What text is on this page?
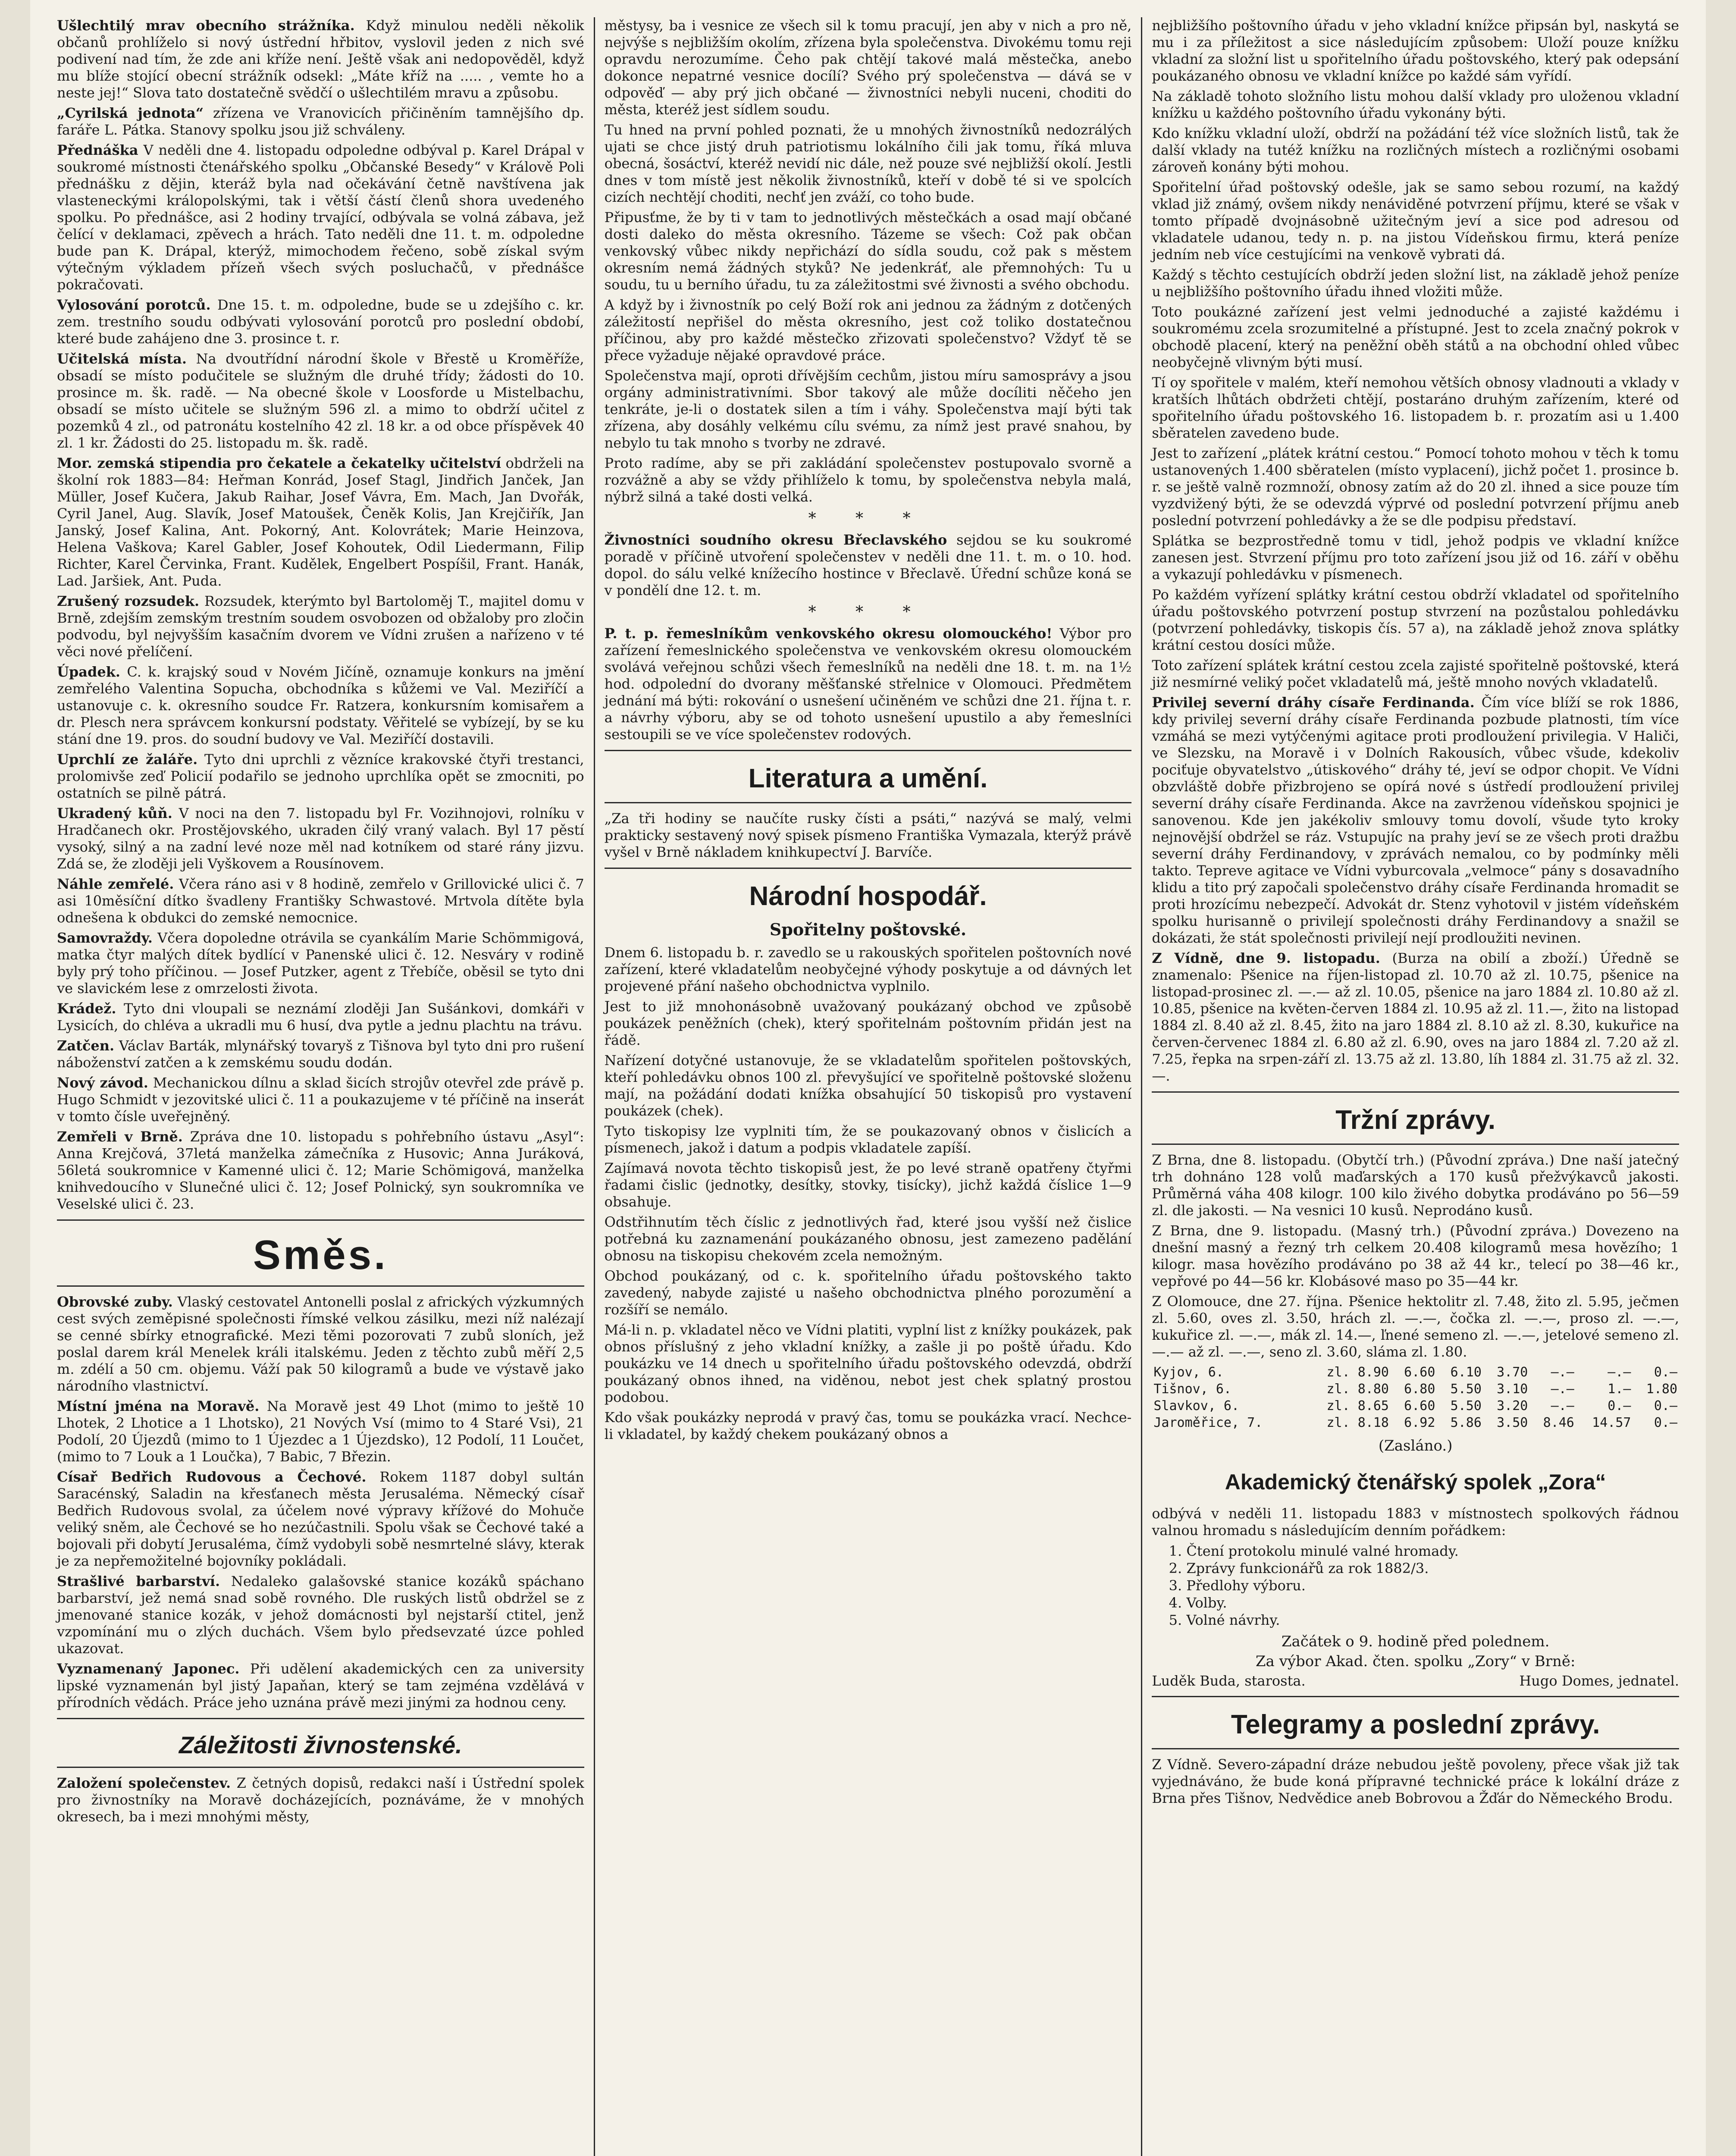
Ušlechtilý mrav obecního strážníka. Když minulou neděli několik občanů prohlíželo si nový ústřední hřbitov, vyslovil jeden z nich své podivení nad tím, že zde ani kříže není. Ještě však ani nedopověděl, když mu blíže stojící obecní strážník odsekl: „Máte kříž na ..... , vemte ho a neste jej!“ Slova tato dostatečně svědčí o ušlechtilém mravu a způsobu.

„Cyrilská jednota“ zřízena ve Vranovicích přičiněním tamnějšího dp. faráře L. Pátka. Stanovy spolku jsou již schváleny.

Přednáška V neděli dne 4. listopadu odpoledne odbýval p. Karel Drápal v soukromé místnosti čtenářského spolku „Občanské Besedy“ v Králově Poli přednášku z dějin, kteráž byla nad očekávání četně navštívena jak vlasteneckými králopolskými, tak i větší částí členů shora uvedeného spolku. Po přednášce, asi 2 hodiny trvající, odbývala se volná zábava, jež čelící v deklamaci, zpěvech a hrách. Tato neděli dne 11. t. m. odpoledne bude pan K. Drápal, kterýž, mimochodem řečeno, sobě získal svým výtečným výkladem přízeň všech svých posluchačů, v přednášce pokračovati.

Vylosování porotců. Dne 15. t. m. odpoledne, bude se u zdejšího c. kr. zem. trestního soudu odbývati vylosování porotců pro poslední období, které bude zahájeno dne 3. prosince t. r.

Učitelská místa. Na dvoutřídní národní škole v Břestě u Kroměříže, obsadí se místo podučitele se služným dle druhé třídy; žádosti do 10. prosince m. šk. radě. — Na obecné škole v Loosforde u Mistelbachu, obsadí se místo učitele se služným 596 zl. a mimo to obdrží učitel z pozemků 4 zl., od patronátu kostelního 42 zl. 18 kr. a od obce příspěvek 40 zl. 1 kr. Žádosti do 25. listopadu m. šk. radě.

Mor. zemská stipendia pro čekatele a čekatelky učitelství obdrželi na školní rok 1883—84: Heřman Konrád, Josef Stagl, Jindřich Janček, Jan Müller, Josef Kučera, Jakub Raihar, Josef Vávra, Em. Mach, Jan Dvořák, Cyril Janel, Aug. Slavík, Josef Matoušek, Čeněk Kolis, Jan Krejčiřík, Jan Janský, Josef Kalina, Ant. Pokorný, Ant. Kolovrátek; Marie Heinzova, Helena Vaškova; Karel Gabler, Josef Kohoutek, Odil Liedermann, Filip Richter, Karel Červinka, Frant. Kudělek, Engelbert Pospíšil, Frant. Hanák, Lad. Jaršiek, Ant. Puda.

Zrušený rozsudek. Rozsudek, kterýmto byl Bartoloměj T., majitel domu v Brně, zdejším zemským trestním soudem osvobozen od obžaloby pro zločin podvodu, byl nejvyšším kasačním dvorem ve Vídni zrušen a nařízeno v té věci nové přelíčení.

Úpadek. C. k. krajský soud v Novém Jičíně, oznamuje konkurs na jmění zemřelého Valentina Sopucha, obchodníka s kůžemi ve Val. Meziříčí a ustanovuje c. k. okresního soudce Fr. Ratzera, konkursním komisařem a dr. Plesch nera správcem konkursní podstaty. Věřitelé se vybízejí, by se ku stání dne 19. pros. do soudní budovy ve Val. Meziříčí dostavili.

Uprchlí ze žaláře. Tyto dni uprchli z vězníce krakovské čtyři trestanci, prolomivše zeď Policií podařilo se jednoho uprchlíka opět se zmocniti, po ostatních se pilně pátrá.

Ukradený kůň. V noci na den 7. listopadu byl Fr. Vozihnojovi, rolníku v Hradčanech okr. Prostějovského, ukraden čilý vraný valach. Byl 17 pěstí vysoký, silný a na zadní levé noze měl nad kotníkem od staré rány jizvu. Zdá se, že zloději jeli Vyškovem a Rousínovem.

Náhle zemřelé. Včera ráno asi v 8 hodině, zemřelo v Grillovické ulici č. 7 asi 10měsíční dítko švadleny Františky Schwastové. Mrtvola dítěte byla odnešena k obdukci do zemské nemocnice.

Samovraždy. Včera dopoledne otrávila se cyankálím Marie Schömmigová, matka čtyr malých dítek bydlící v Panenské ulici č. 12. Nesváry v rodině byly prý toho příčinou. — Josef Putzker, agent z Třebíče, oběsil se tyto dni ve slavickém lese z omrzelosti života.

Krádež. Tyto dni vloupali se neznámí zloději Jan Sušánkovi, domkáři v Lysicích, do chléva a ukradli mu 6 husí, dva pytle a jednu plachtu na trávu.

Zatčen. Václav Barták, mlynářský tovaryš z Tišnova byl tyto dni pro rušení náboženství zatčen a k zemskému soudu dodán.

Nový závod. Mechanickou dílnu a sklad šicích strojův otevřel zde právě p. Hugo Schmidt v jezovitské ulici č. 11 a poukazujeme v té příčině na inserát v tomto čísle uveřejněný.

Zemřeli v Brně. Zpráva dne 10. listopadu s pohřebního ústavu „Asyl“: Anna Krejčová, 37letá manželka zámečníka z Husovic; Anna Juráková, 56letá soukromnice v Kamenné ulici č. 12; Marie Schömigová, manželka knihvedoucího v Slunečné ulici č. 12; Josef Polnický, syn soukromníka ve Veselské ulici č. 23.

Směs.

Obrovské zuby. Vlaský cestovatel Antonelli poslal z afrických výzkumných cest svých zeměpisné společnosti římské velkou zásilku, mezi níž nalézají se cenné sbírky etnografické. Mezi těmi pozorovati 7 zubů sloních, jež poslal darem král Menelek králi italskému. Jeden z těchto zubů měří 2,5 m. zdélí a 50 cm. objemu. Váží pak 50 kilogramů a bude ve výstavě jako národního vlastnictví.

Místní jména na Moravě. Na Moravě jest 49 Lhot (mimo to ještě 10 Lhotek, 2 Lhotice a 1 Lhotsko), 21 Nových Vsí (mimo to 4 Staré Vsi), 21 Podolí, 20 Újezdů (mimo to 1 Újezdec a 1 Újezdsko), 12 Podolí, 11 Loučet, (mimo to 7 Louk a 1 Loučka), 7 Babic, 7 Březin.

Císař Bedřich Rudovous a Čechové. Rokem 1187 dobyl sultán Saracénský, Saladin na křesťanech města Jerusaléma. Německý císař Bedřich Rudovous svolal, za účelem nové výpravy křížové do Mohuče veliký sněm, ale Čechové se ho nezúčastnili. Spolu však se Čechové také a bojovali při dobytí Jerusaléma, čímž vydobyli sobě nesmrtelné slávy, kterak je za nepřemožitelné bojovníky pokládali.

Strašlivé barbarství. Nedaleko galašovské stanice kozáků spáchano barbarství, jež nemá snad sobě rovného. Dle ruských listů obdržel se z jmenované stanice kozák, v jehož domácnosti byl nejstarší ctitel, jenž vzpomínání mu o zlých duchách. Všem bylo předsevzaté úzce pohled ukazovat.

Vyznamenaný Japonec. Při udělení akademických cen za university lipské vyznamenán byl jistý Japaňan, který se tam zejména vzdělává v přírodních vědách. Práce jeho uznána právě mezi jinými za hodnou ceny.

Záležitosti živnostenské.

Založení společenstev. Z četných dopisů, redakci naší i Ústřední spolek pro živnostníky na Moravě docházejících, poznáváme, že v mnohých okresech, ba i mezi mnohými městy,

městysy, ba i vesnice ze všech sil k tomu pracují, jen aby v nich a pro ně, nejvýše s nejbližším okolím, zřízena byla společenstva. Divokému tomu reji opravdu nerozumíme. Čeho pak chtějí takové malá městečka, anebo dokonce nepatrné vesnice docílí? Svého prý společenstva — dává se v odpověď — aby prý jich občané — živnostníci nebyli nuceni, choditi do města, kteréž jest sídlem soudu.

Tu hned na první pohled poznati, že u mnohých živnostníků nedozrálých ujati se chce jistý druh patriotismu lokálního čili jak tomu, říká mluva obecná, šosáctví, kteréž nevidí nic dále, než pouze své nejbližší okolí. Jestli dnes v tom místě jest několik živnostníků, kteří v době té si ve spolcích cizích nechtějí choditi, nechť jen zváží, co toho bude.

Připusťme, že by ti v tam to jednotlivých městečkách a osad mají občané dosti daleko do města okresního. Tázeme se všech: Což pak občan venkovský vůbec nikdy nepřichází do sídla soudu, což pak s městem okresním nemá žádných styků? Ne jedenkráť, ale přemnohých: Tu u soudu, tu u berního úřadu, tu za záležitostmi své živnosti a svého obchodu.

A když by i živnostník po celý Boží rok ani jednou za žádným z dotčených záležitostí nepřišel do města okresního, jest což toliko dostatečnou příčinou, aby pro každé městečko zřizovati společenstvo? Vždyť tě se přece vyžaduje nějaké opravdové práce.

Společenstva mají, oproti dřívějším cechům, jistou míru samosprávy a jsou orgány administrativními. Sbor takový ale může docíliti něčeho jen tenkráte, je-li o dostatek silen a tím i váhy. Společenstva mají býti tak zřízena, aby dosáhly velkému cílu svému, za nímž jest pravé snahou, by nebylo tu tak mnoho s tvorby ne zdravé.

Proto radíme, aby se při zakládání společenstev postupovalo svorně a rozvážně a aby se vždy přihlíželo k tomu, by společenstva nebyla malá, nýbrž silná a také dosti velká.

* * *

Živnostníci soudního okresu Břeclavského sejdou se ku soukromé poradě v příčině utvoření společenstev v neděli dne 11. t. m. o 10. hod. dopol. do sálu velké knížecího hostince v Břeclavě. Úřední schůze koná se v pondělí dne 12. t. m.

* * *

P. t. p. řemeslníkům venkovského okresu olomouckého! Výbor pro zařízení řemeslnického společenstva ve venkovském okresu olomouckém svolává veřejnou schůzi všech řemeslníků na neděli dne 18. t. m. na 1½ hod. odpolední do dvorany měšťanské střelnice v Olomouci. Předmětem jednání má býti: rokování o usnešení učiněném ve schůzi dne 21. října t. r. a návrhy výboru, aby se od tohoto usnešení upustilo a aby řemeslníci sestoupili se ve více společenstev rodových.

Literatura a umění.

„Za tři hodiny se naučíte rusky čísti a psáti,“ nazývá se malý, velmi prakticky sestavený nový spisek písmeno Františka Vymazala, kterýž právě vyšel v Brně nákladem knihkupectví J. Barvíče.

Národní hospodář.
Spořitelny poštovské.

Dnem 6. listopadu b. r. zavedlo se u rakouských spořitelen poštovních nové zařízení, které vkladatelům neobyčejné výhody poskytuje a od dávných let projevené přání našeho obchodnictva vyplnilo.

Jest to již mnohonásobně uvažovaný poukázaný obchod ve způsobě poukázek peněžních (chek), který spořitelnám poštovním přidán jest na řádě.

Nařízení dotyčné ustanovuje, že se vkladatelům spořitelen poštovských, kteří pohledávku obnos 100 zl. převyšující ve spořitelně poštovské složenu mají, na požádání dodati knížka obsahující 50 tiskopisů pro vystavení poukázek (chek).

Tyto tiskopisy lze vyplniti tím, že se poukazovaný obnos v čislicích a písmenech, jakož i datum a podpis vkladatele zapíší.

Zajímavá novota těchto tiskopisů jest, že po levé straně opatřeny čtyřmi řadami čislic (jednotky, desítky, stovky, tisícky), jichž každá číslice 1—9 obsahuje.

Odstřihnutím těch číslic z jednotlivých řad, které jsou vyšší než čislice potřebná ku zaznamenání poukázaného obnosu, jest zamezeno padělání obnosu na tiskopisu chekovém zcela nemožným.

Obchod poukázaný, od c. k. spořitelního úřadu poštovského takto zavedený, nabyde zajisté u našeho obchodnictva plného porozumění a rozšíří se nemálo.

Má-li n. p. vkladatel něco ve Vídni platiti, vyplní list z knížky poukázek, pak obnos příslušný z jeho vkladní knížky, a zašle ji po poště úřadu. Kdo poukázku ve 14 dnech u spořitelního úřadu poštovského odevzdá, obdrží poukázaný obnos ihned, na viděnou, nebot jest chek splatný prostou podobou.

Kdo však poukázky neprodá v pravý čas, tomu se poukázka vrací. Nechce-li vkladatel, by každý chekem poukázaný obnos a

nejbližšího poštovního úřadu v jeho vkladní knížce připsán byl, naskytá se mu i za příležitost a sice následujícím způsobem: Uloží pouze knížku vkladní za složní list u spořitelního úřadu poštovského, který pak odepsání poukázaného obnosu ve vkladní knížce po každé sám vyřídí.

Na základě tohoto složního listu mohou další vklady pro uloženou vkladní knížku u každého poštovního úřadu vykonány býti.

Kdo knížku vkladní uloží, obdrží na požádání též více složních listů, tak že další vklady na tutéž knížku na rozličných místech a rozličnými osobami zároveň konány býti mohou.

Spořitelní úřad poštovský odešle, jak se samo sebou rozumí, na každý vklad již známý, ovšem nikdy nenáviděné potvrzení příjmu, které se však v tomto případě dvojnásobně užitečným jeví a sice pod adresou od vkladatele udanou, tedy n. p. na jistou Vídeňskou firmu, která peníze jedním neb více cestujícími na venkově vybrati dá.

Každý s těchto cestujících obdrží jeden složní list, na základě jehož peníze u nejbližšího poštovního úřadu ihned vložiti může.

Toto poukázné zařízení jest velmi jednoduché a zajisté každému i soukromému zcela srozumitelné a přístupné. Jest to zcela značný pokrok v obchodě placení, který na peněžní oběh států a na obchodní ohled vůbec neobyčejně vlivným býti musí.

Tí oy spořitele v malém, kteří nemohou větších obnosy vladnouti a vklady v kratších lhůtách obdržeti chtějí, postaráno druhým zařízením, které od spořitelního úřadu poštovského 16. listopadem b. r. prozatím asi u 1.400 sběratelen zavedeno bude.

Jest to zařízení „plátek krátní cestou.“ Pomocí tohoto mohou v těch k tomu ustanovených 1.400 sběratelen (místo vyplacení), jichž počet 1. prosince b. r. se ještě valně rozmnoží, obnosy zatím až do 20 zl. ihned a sice pouze tím vyzdvižený býti, že se odevzdá výprvé od poslední potvrzení příjmu aneb poslední potvrzení pohledávky a že se dle podpisu představí.

Splátka se bezprostředně tomu v tidl, jehož podpis ve vkladní knížce zanesen jest. Stvrzení příjmu pro toto zařízení jsou již od 16. září v oběhu a vykazují pohledávku v písmenech.

Po každém vyřízení splátky krátní cestou obdrží vkladatel od spořitelního úřadu poštovského potvrzení postup stvrzení na pozůstalou pohledávku (potvrzení pohledávky, tiskopis čís. 57 a), na základě jehož znova splátky krátní cestou dosíci může.

Toto zařízení splátek krátní cestou zcela zajisté spořitelně poštovské, která již nesmírné veliký počet vkladatelů má, ještě mnoho nových vkladatelů.

Privilej severní dráhy císaře Ferdinanda. Čím více blíží se rok 1886, kdy privilej severní dráhy císaře Ferdinanda pozbude platnosti, tím více vzmáhá se mezi vytýčenými agitace proti prodloužení privilegia. V Haliči, ve Slezsku, na Moravě i v Dolních Rakousích, vůbec všude, kdekoliv pociťuje obyvatelstvo „útiskového“ dráhy té, jeví se odpor chopit. Ve Vídni obzvláště dobře přizbrojeno se opírá nové s ústředí prodloužení privilej severní dráhy císaře Ferdinanda. Akce na zavrženou vídeňskou spojnici je sanovenou. Kde jen jakékoliv smlouvy tomu dovolí, všude tyto kroky nejnovější obdržel se ráz. Vstupujíc na prahy jeví se ze všech proti dražbu severní dráhy Ferdinandovy, v zprávách nemalou, co by podmínky měli takto. Tepreve agitace ve Vídni vyburcovala „velmoce“ pány s dosavadního klidu a tito prý započali společenstvo dráhy císaře Ferdinanda hromadit se proti hrozícímu nebezpečí. Advokát dr. Stenz vyhotovil v jistém vídeňském spolku hurisanně o privilejí společnosti dráhy Ferdinandovy a snažil se dokázati, že stát společnosti privilejí nejí prodloužiti nevinen.

Z Vídně, dne 9. listopadu. (Burza na obilí a zboží.) Úředně se znamenalo: Pšenice na říjen-listopad zl. 10.70 až zl. 10.75, pšenice na listopad-prosinec zl. —.— až zl. 10.05, pšenice na jaro 1884 zl. 10.80 až zl. 10.85, pšenice na květen-červen 1884 zl. 10.95 až zl. 11.—, žito na listopad 1884 zl. 8.40 až zl. 8.45, žito na jaro 1884 zl. 8.10 až zl. 8.30, kukuřice na červen-červenec 1884 zl. 6.80 až zl. 6.90, oves na jaro 1884 zl. 7.20 až zl. 7.25, řepka na srpen-září zl. 13.75 až zl. 13.80, líh 1884 zl. 31.75 až zl. 32.—.

Tržní zprávy.

Z Brna, dne 8. listopadu. (Obytčí trh.) (Původní zpráva.) Dne naší jatečný trh dohnáno 128 volů maďarských a 170 kusů přežvýkavců jakosti. Průměrná váha 408 kilogr. 100 kilo živého dobytka prodáváno po 56—59 zl. dle jakosti. — Na vesnici 10 kusů. Neprodáno kusů.

Z Brna, dne 9. listopadu. (Masný trh.) (Původní zpráva.) Dovezeno na dnešní masný a řezný trh celkem 20.408 kilogramů mesa hovězího; 1 kilogr. masa hovězího prodáváno po 38 až 44 kr., telecí po 38—46 kr., vepřové po 44—56 kr. Klobásové maso po 35—44 kr.

Z Olomouce, dne 27. října. Pšenice hektolitr zl. 7.48, žito zl. 5.95, ječmen zl. 5.60, oves zl. 3.50, hrách zl. —.—, čočka zl. —.—, proso zl. —.—, kukuřice zl. —.—, mák zl. 14.—, ľnené semeno zl. —.—, jetelové semeno zl. —.— až zl. —.—, seno zl. 3.60, sláma zl. 1.80.

Kyjov, 6.	zl. 8.90	6.60	6.10	3.70	—.—	—.—	0.—
Tišnov, 6.	zl. 8.80	6.80	5.50	3.10	—.—	1.—	1.80
Slavkov, 6.	zl. 8.65	6.60	5.50	3.20	—.—	0.—	0.—
Jaroměřice, 7.	zl. 8.18	6.92	5.86	3.50	8.46	14.57	0.—
(Zasláno.)
Akademický čtenářský spolek „Zora“

odbývá v neděli 11. listopadu 1883 v místnostech spolkových řádnou valnou hromadu s následujícím denním pořádkem:

1. Čtení protokolu minulé valné hromady.
2. Zprávy funkcionářů za rok 1882/3.
3. Předlohy výboru.
4. Volby.
5. Volné návrhy.
Začátek o 9. hodině před polednem.
Za výbor Akad. čten. spolku „Zory“ v Brně:
Luděk Buda, starosta.	Hugo Domes, jednatel.
Telegramy a poslední zprávy.

Z Vídně. Severo-západní dráze nebudou ještě povoleny, přece však již tak vyjednáváno, že bude koná přípravné technické práce k lokální dráze z Brna přes Tišnov, Nedvědice aneb Bobrovou a Žďár do Německého Brodu.
